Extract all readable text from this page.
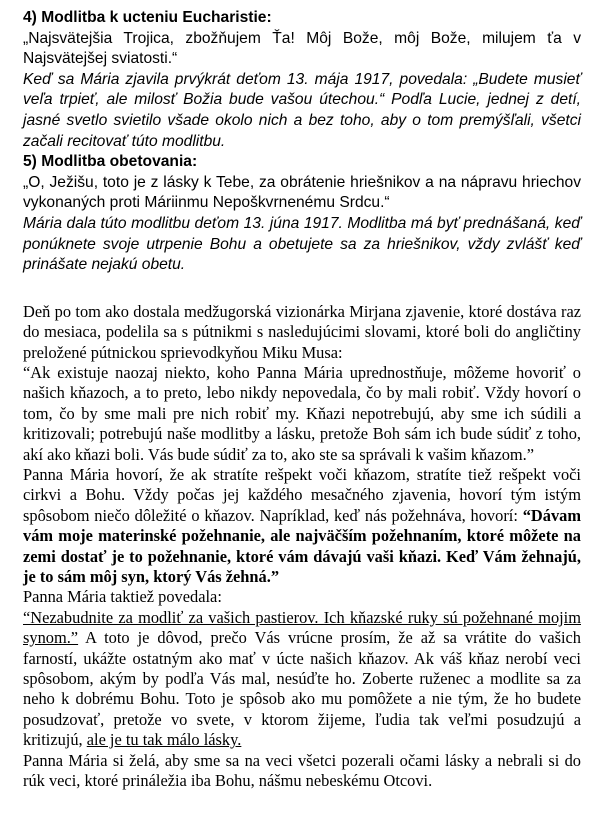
4) Modlitba k ucteniu Eucharistie:

„Najsvätejšia Trojica, zbožňujem Ťa! Môj Bože, môj Bože, milujem ťa v Najsvätejšej sviatosti.“

Keď sa Mária zjavila prvýkrát deťom 13. mája 1917, povedala: „Budete musieť veľa trpieť, ale milosť Božia bude vašou útechou.“ Podľa Lucie, jednej z detí, jasné svetlo svietilo všade okolo nich a bez toho, aby o tom premýšľali, všetci začali recitovať túto modlitbu.

5) Modlitba obetovania:

„O, Ježišu, toto je z lásky k Tebe, za obrátenie hriešnikov a na nápravu hriechov vykonaných proti Máriinmu Nepoškvrnenému Srdcu.“

Mária dala túto modlitbu deťom 13. júna 1917. Modlitba má byť prednášaná, keď ponúknete svoje utrpenie Bohu a obetujete sa za hriešnikov, vždy zvlášť keď prinášate nejakú obetu.

Deň po tom ako dostala medžugorská vizionárka Mirjana zjavenie, ktoré dostáva raz do mesiaca, podelila sa s pútnikmi s nasledujúcimi slovami, ktoré boli do angličtiny preložené pútnickou sprievodkyňou Miku Musa:

“Ak existuje naozaj niekto, koho Panna Mária uprednostňuje, môžeme hovoriť o našich kňazoch, a to preto, lebo nikdy nepovedala, čo by mali robiť. Vždy hovorí o tom, čo by sme mali pre nich robiť my. Kňazi nepotrebujú, aby sme ich súdili a kritizovali; potrebujú naše modlitby a lásku, pretože Boh sám ich bude súdiť z toho, akí ako kňazi boli. Vás bude súdiť za to, ako ste sa správali k vašim kňazom.”

Panna Mária hovorí, že ak stratíte rešpekt voči kňazom, stratíte tiež rešpekt voči cirkvi a Bohu. Vždy počas jej každého mesačného zjavenia, hovorí tým istým spôsobom niečo dôležité o kňazov. Napríklad, keď nás požehnáva, hovorí: “Dávam vám moje materinské požehnanie, ale najväčším požehnaním, ktoré môžete na zemi dostať je to požehnanie, ktoré vám dávajú vaši kňazi. Keď Vám žehnajú, je to sám môj syn, ktorý Vás žehná.”

Panna Mária taktiež povedala:

“Nezabudnite za modliť za vašich pastierov. Ich kňazské ruky sú požehnané mojim synom.” A toto je dôvod, prečo Vás vrúcne prosím, že až sa vrátite do vašich farností, ukážte ostatným ako mať v úcte našich kňazov. Ak váš kňaz nerobí veci spôsobom, akým by podľa Vás mal, nesúďte ho. Zoberte ruženec a modlite sa za neho k dobrému Bohu. Toto je spôsob ako mu pomôžete a nie tým, že ho budete posudzovať, pretože vo svete, v ktorom žijeme, ľudia tak veľmi posudzujú a kritizujú, ale je tu tak málo lásky.

Panna Mária si želá, aby sme sa na veci všetci pozerali očami lásky a nebrali si do rúk veci, ktoré prináležia iba Bohu, nášmu nebeskému Otcovi.
